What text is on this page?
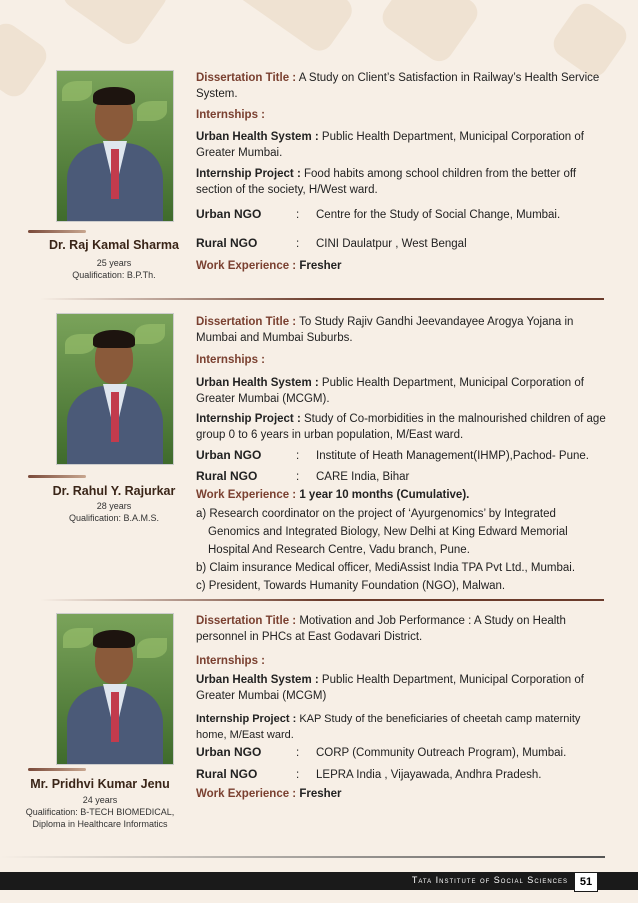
Dr. Raj Kamal Sharma
25 years
Qualification: B.P.Th.
Dissertation Title : A Study on Client’s Satisfaction in Railway’s Health Service System.
Internships :
Urban Health System : Public Health Department, Municipal Corporation of Greater Mumbai.
Internship Project : Food habits among school children from the better off section of the society, H/West ward.
Urban NGO	: Centre for the Study of Social Change, Mumbai.
Rural NGO	: CINI Daulatpur , West Bengal
Work Experience : Fresher
Dr. Rahul Y. Rajurkar
28 years
Qualification: B.A.M.S.
Dissertation Title : To Study Rajiv Gandhi Jeevandayee Arogya Yojana in Mumbai and Mumbai Suburbs.
Internships :
Urban Health System : Public Health Department, Municipal Corporation of Greater Mumbai (MCGM).
Internship Project : Study of Co-morbidities in the malnourished children of age group 0 to 6 years in urban population, M/East ward.
Urban NGO	: Institute of Heath Management(IHMP),Pachod- Pune.
Rural NGO	: CARE India, Bihar
Work Experience : 1 year 10 months (Cumulative).
a) Research coordinator on the project of ‘Ayurgenomics’ by Integrated
Genomics and Integrated Biology, New Delhi at King Edward Memorial
Hospital And Research Centre, Vadu branch, Pune.
b) Claim insurance Medical officer, MediAssist India TPA Pvt Ltd., Mumbai.
c) President, Towards Humanity Foundation (NGO), Malwan.
Mr. Pridhvi Kumar Jenu
24 years
Qualification: B-TECH BIOMEDICAL,
Diploma in Healthcare Informatics
Dissertation Title : Motivation and Job Performance : A Study on Health personnel in PHCs at East Godavari District.
Internships :
Urban Health System : Public Health Department, Municipal Corporation of Greater Mumbai (MCGM)
Internship Project : KAP Study of the beneficiaries of cheetah camp maternity home, M/East ward.
Urban NGO	: CORP (Community Outreach Program), Mumbai.
Rural NGO	: LEPRA India , Vijayawada, Andhra Pradesh.
Work Experience : Fresher
Tata Institute of Social Sciences	51
